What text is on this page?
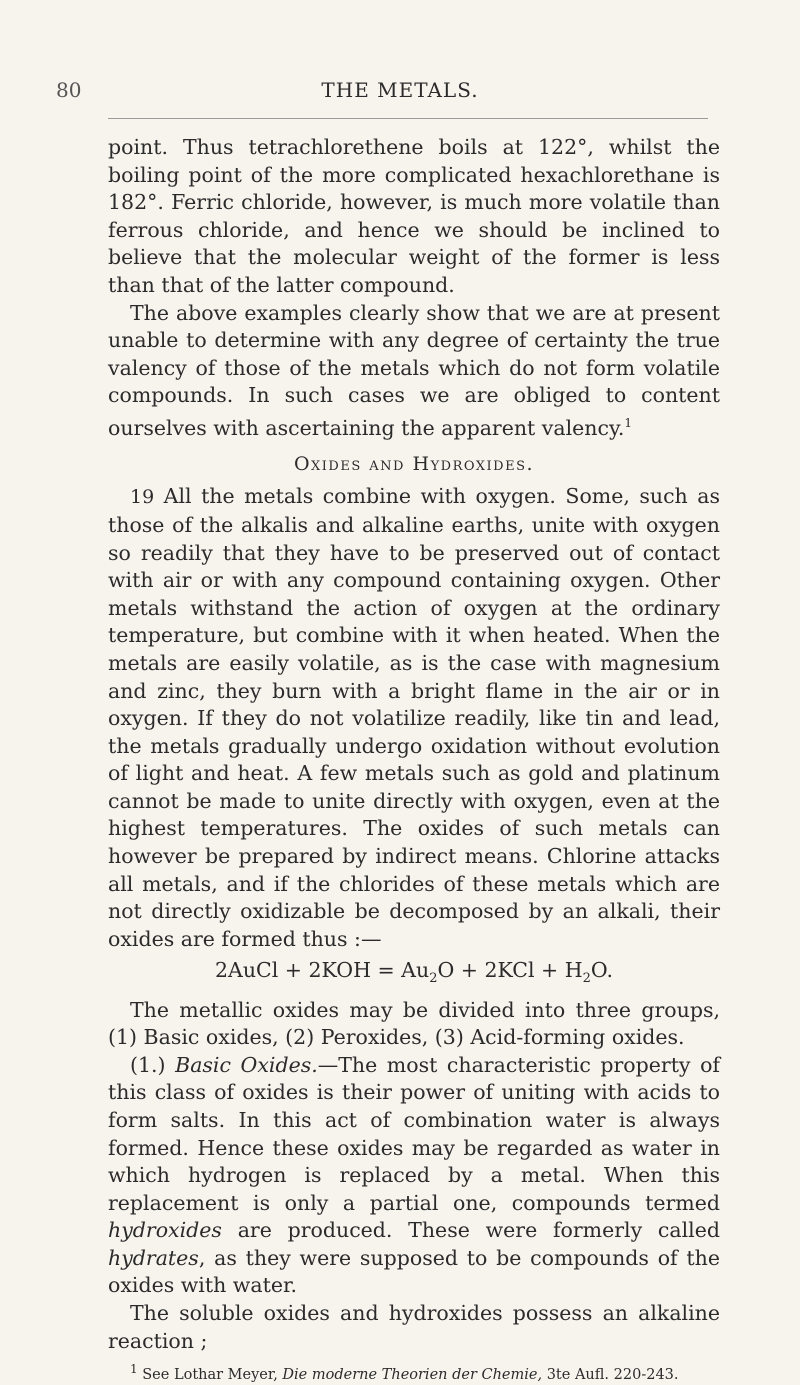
80	THE METALS.

point. Thus tetrachlorethene boils at 122°, whilst the boiling point of the more complicated hexachlorethane is 182°. Ferric chloride, however, is much more volatile than ferrous chloride, and hence we should be inclined to believe that the molecular weight of the former is less than that of the latter compound.

The above examples clearly show that we are at present unable to determine with any degree of certainty the true valency of those of the metals which do not form volatile compounds. In such cases we are obliged to content ourselves with ascertaining the apparent valency.$^1$

Oxides and Hydroxides.

19 All the metals combine with oxygen. Some, such as those of the alkalis and alkaline earths, unite with oxygen so readily that they have to be preserved out of contact with air or with any compound containing oxygen. Other metals withstand the action of oxygen at the ordinary temperature, but combine with it when heated. When the metals are easily volatile, as is the case with magnesium and zinc, they burn with a bright flame in the air or in oxygen. If they do not volatilize readily, like tin and lead, the metals gradually undergo oxidation without evolution of light and heat. A few metals such as gold and platinum cannot be made to unite directly with oxygen, even at the highest temperatures. The oxides of such metals can however be prepared by indirect means. Chlorine attacks all metals, and if the chlorides of these metals which are not directly oxidizable be decomposed by an alkali, their oxides are formed thus :—

2AuCl + $2KOH = Au_2O + 2KCl + H_2O$.

The metallic oxides may be divided into three groups, (1) Basic oxides, (2) Peroxides, (3) Acid-forming oxides.

(1.) Basic Oxides.—The most characteristic property of this class of oxides is their power of uniting with acids to form salts. In this act of combination water is always formed. Hence these oxides may be regarded as water in which hydrogen is replaced by a metal. When this replacement is only a partial one, compounds termed hydroxides are produced. These were formerly called hydrates, as they were supposed to be compounds of the oxides with water.

The soluble oxides and hydroxides possess an alkaline reaction ;

$^1$ See Lothar Meyer, Die moderne Theorien der Chemie, 3te Aufl. 220-243.
